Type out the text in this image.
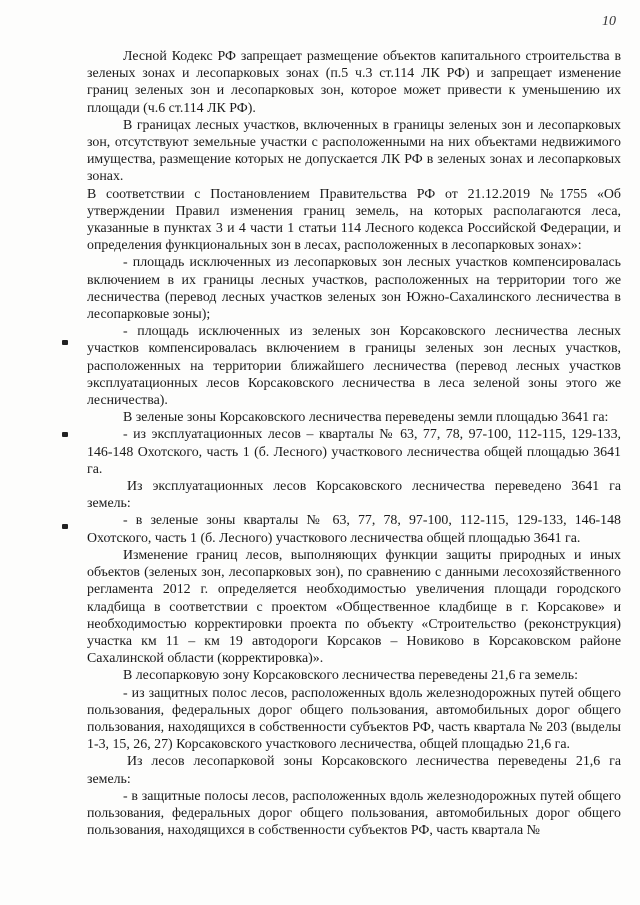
10

Лесной Кодекс РФ запрещает размещение объектов капитального строительства в зеленых зонах и лесопарковых зонах (п.5 ч.3 ст.114 ЛК РФ) и запрещает изменение границ зеленых зон и лесопарковых зон, которое может привести к уменьшению их площади (ч.6 ст.114 ЛК РФ).

В границах лесных участков, включенных в границы зеленых зон и лесопарковых зон, отсутствуют земельные участки с расположенными на них объектами недвижимого имущества, размещение которых не допускается ЛК РФ в зеленых зонах и лесопарковых зонах.

В соответствии с Постановлением Правительства РФ от 21.12.2019 №1755 «Об утверждении Правил изменения границ земель, на которых располагаются леса, указанные в пунктах 3 и 4 части 1 статьи 114 Лесного кодекса Российской Федерации, и определения функциональных зон в лесах, расположенных в лесопарковых зонах»:

- площадь исключенных из лесопарковых зон лесных участков компенсировалась включением в их границы лесных участков, расположенных на территории того же лесничества (перевод лесных участков зеленых зон Южно-Сахалинского лесничества в лесопарковые зоны);

- площадь исключенных из зеленых зон Корсаковского лесничества лесных участков компенсировалась включением в границы зеленых зон лесных участков, расположенных на территории ближайшего лесничества (перевод лесных участков эксплуатационных лесов Корсаковского лесничества в леса зеленой зоны этого же лесничества).

В зеленые зоны Корсаковского лесничества переведены земли площадью 3641 га:

- из эксплуатационных лесов – кварталы № 63, 77, 78, 97-100, 112-115, 129-133, 146-148 Охотского, часть 1 (б. Лесного) участкового лесничества общей площадью 3641 га.

Из эксплуатационных лесов Корсаковского лесничества переведено 3641 га земель:

- в зеленые зоны кварталы № 63, 77, 78, 97-100, 112-115, 129-133, 146-148 Охотского, часть 1 (б. Лесного) участкового лесничества общей площадью 3641 га.

Изменение границ лесов, выполняющих функции защиты природных и иных объектов (зеленых зон, лесопарковых зон), по сравнению с данными лесохозяйственного регламента 2012 г. определяется необходимостью увеличения площади городского кладбища в соответствии с проектом «Общественное кладбище в г. Корсакове» и необходимостью корректировки проекта по объекту «Строительство (реконструкция) участка км 11 – км 19 автодороги Корсаков – Новиково в Корсаковском районе Сахалинской области (корректировка)».

В лесопарковую зону Корсаковского лесничества переведены 21,6 га земель:

- из защитных полос лесов, расположенных вдоль железнодорожных путей общего пользования, федеральных дорог общего пользования, автомобильных дорог общего пользования, находящихся в собственности субъектов РФ, часть квартала № 203 (выделы 1-3, 15, 26, 27) Корсаковского участкового лесничества, общей площадью 21,6 га.

Из лесов лесопарковой зоны Корсаковского лесничества переведены 21,6 га земель:

- в защитные полосы лесов, расположенных вдоль железнодорожных путей общего пользования, федеральных дорог общего пользования, автомобильных дорог общего пользования, находящихся в собственности субъектов РФ, часть квартала №
